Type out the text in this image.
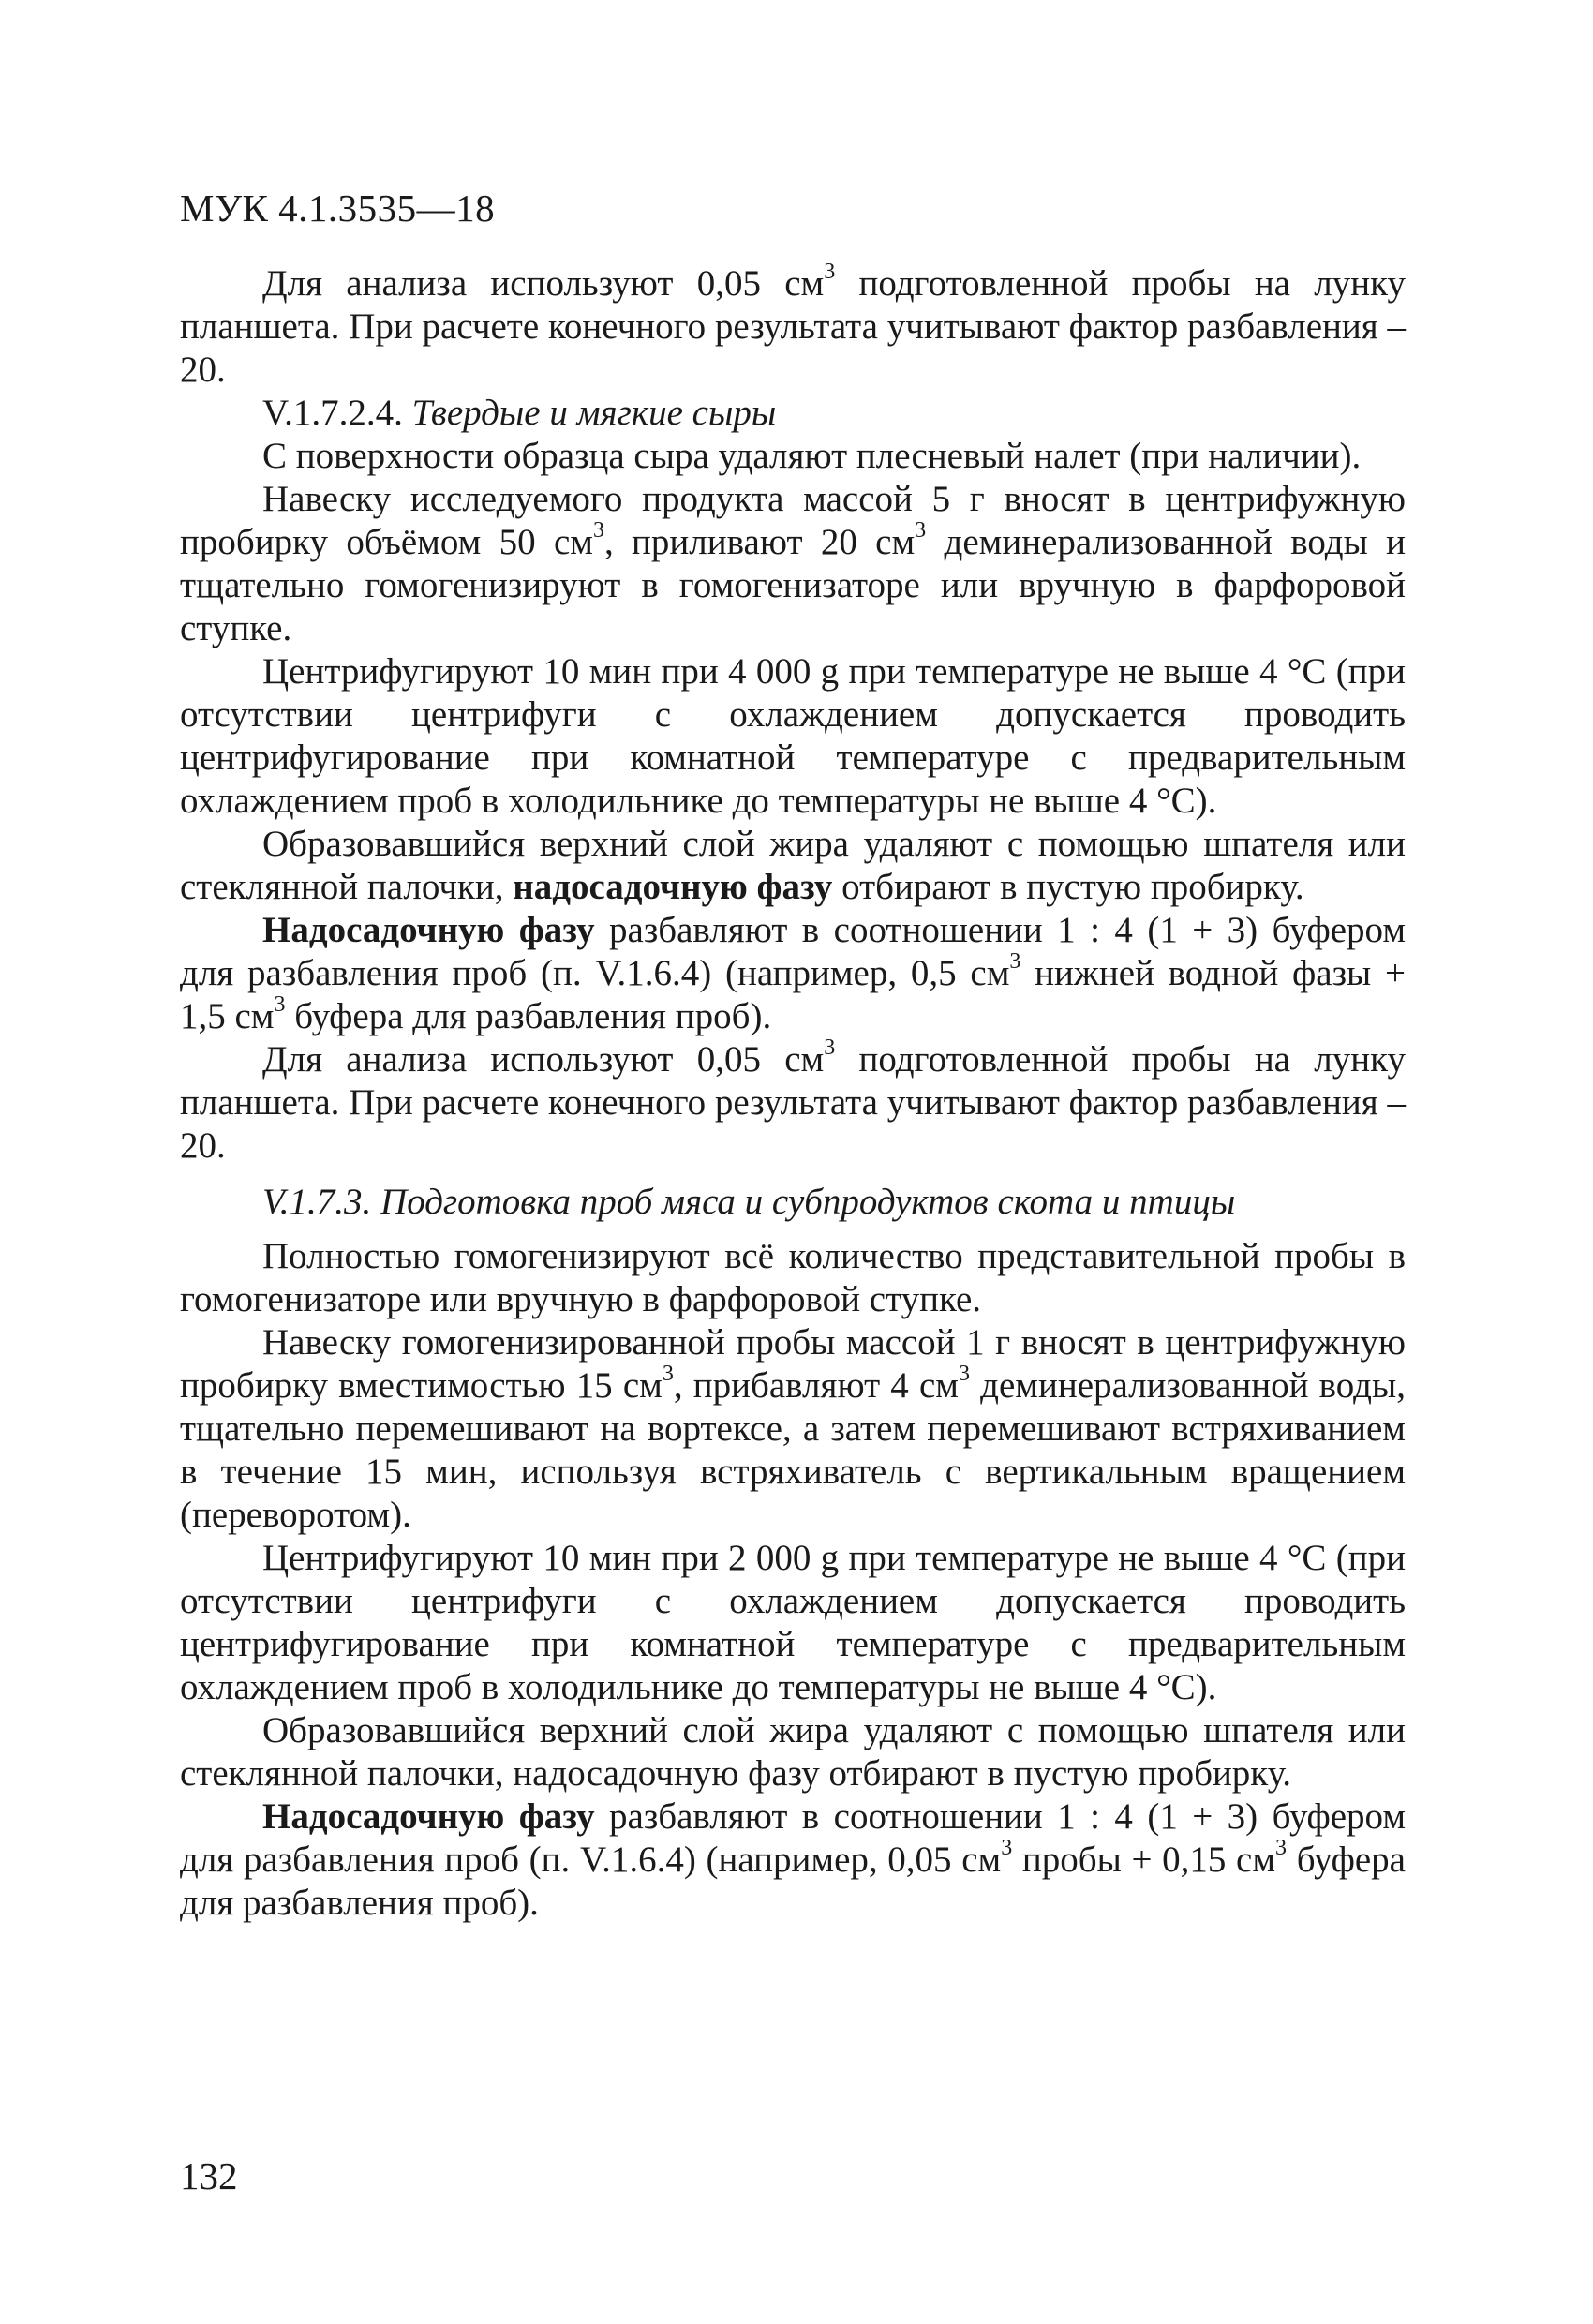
МУК 4.1.3535—18

Для анализа используют 0,05 $см^3$ подготовленной пробы на лунку планшета. При расчете конечного результата учитывают фактор разбавления – 20.

V.1.7.2.4. Твердые и мягкие сыры

С поверхности образца сыра удаляют плесневый налет (при наличии).

Навеску исследуемого продукта массой 5 г вносят в центрифужную пробирку объёмом 50 $см^3$, приливают 20 $см^3$ деминерализованной воды и тщательно гомогенизируют в гомогенизаторе или вручную в фарфоровой ступке.

Центрифугируют 10 мин при 4 000 g при температуре не выше 4 °С (при отсутствии центрифуги с охлаждением допускается проводить центрифугирование при комнатной температуре с предварительным охлаждением проб в холодильнике до температуры не выше 4 °С).

Образовавшийся верхний слой жира удаляют с помощью шпателя или стеклянной палочки, надосадочную фазу отбирают в пустую пробирку.

Надосадочную фазу разбавляют в соотношении 1 : 4 (1 + 3) буфером для разбавления проб (п. V.1.6.4) (например, 0,5 $см^3$ нижней водной фазы + 1,5 $см^3$ буфера для разбавления проб).

Для анализа используют 0,05 $см^3$ подготовленной пробы на лунку планшета. При расчете конечного результата учитывают фактор разбавления – 20.

V.1.7.3. Подготовка проб мяса и субпродуктов скота и птицы

Полностью гомогенизируют всё количество представительной пробы в гомогенизаторе или вручную в фарфоровой ступке.

Навеску гомогенизированной пробы массой 1 г вносят в центрифужную пробирку вместимостью 15 $см^3$, прибавляют 4 $см^3$ деминерализованной воды, тщательно перемешивают на вортексе, а затем перемешивают встряхиванием в течение 15 мин, используя встряхиватель с вертикальным вращением (переворотом).

Центрифугируют 10 мин при 2 000 g при температуре не выше 4 °С (при отсутствии центрифуги с охлаждением допускается проводить центрифугирование при комнатной температуре с предварительным охлаждением проб в холодильнике до температуры не выше 4 °С).

Образовавшийся верхний слой жира удаляют с помощью шпателя или стеклянной палочки, надосадочную фазу отбирают в пустую пробирку.

Надосадочную фазу разбавляют в соотношении 1 : 4 (1 + 3) буфером для разбавления проб (п. V.1.6.4) (например, 0,05 $см^3$ пробы + 0,15 $см^3$ буфера для разбавления проб).

132
